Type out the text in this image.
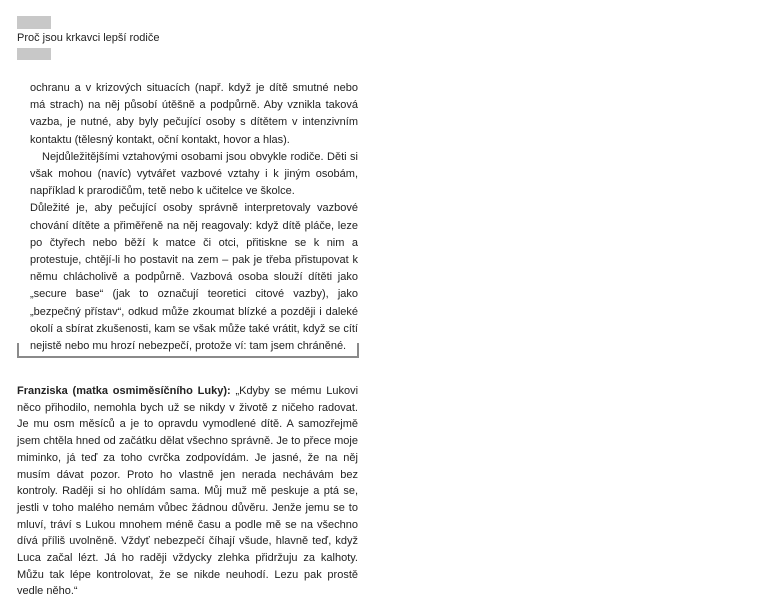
Proč jsou krkavci lepší rodiče

ochranu a v krizových situacích (např. když je dítě smutné nebo má strach) na něj působí útěšně a podpůrně. Aby vznikla taková vazba, je nutné, aby byly pečující osoby s dítětem v intenzivním kontaktu (tělesný kontakt, oční kontakt, hovor a hlas).

Nejdůležitějšími vztahovými osobami jsou obvykle rodiče. Děti si však mohou (navíc) vytvářet vazbové vztahy i k jiným osobám, například k prarodičům, tetě nebo k učitelce ve školce.

Důležité je, aby pečující osoby správně interpretovaly vazbové chování dítěte a přiměřeně na něj reagovaly: když dítě pláče, leze po čtyřech nebo běží k matce či otci, přitiskne se k nim a protestuje, chtějí-li ho postavit na zem – pak je třeba přistupovat k němu chlácholivě a podpůrně. Vazbová osoba slouží dítěti jako „secure base“ (jak to označují teoretici citové vazby), jako „bezpečný přístav“, odkud může zkoumat blízké a později i daleké okolí a sbírat zkušenosti, kam se však může také vrátit, když se cítí nejistě nebo mu hrozí nebezpečí, protože ví: tam jsem chráněné.

Franziska (matka osmiměsíčního Luky): „Kdyby se mému Lukovi něco přihodilo, nemohla bych už se nikdy v životě z ničeho radovat. Je mu osm měsíců a je to opravdu vymodlené dítě. A samozřejmě jsem chtěla hned od začátku dělat všechno správně. Je to přece moje miminko, já teď za toho cvrčka zodpovídám. Je jasné, že na něj musím dávat pozor. Proto ho vlastně jen nerada nechávám bez kontroly. Raději si ho ohlídám sama. Můj muž mě peskuje a ptá se, jestli v toho malého nemám vůbec žádnou důvěru. Jenže jemu se to mluví, tráví s Lukou mnohem méně času a podle mě se na všechno dívá příliš uvolněně. Vždyť nebezpečí číhají všude, hlavně teď, když Luca začal lézt. Já ho raději vždycky zlehka přidržuju za kalhoty. Můžu tak lépe kontrolovat, že se nikde neuhodí. Lezu pak prostě vedle něho.“
